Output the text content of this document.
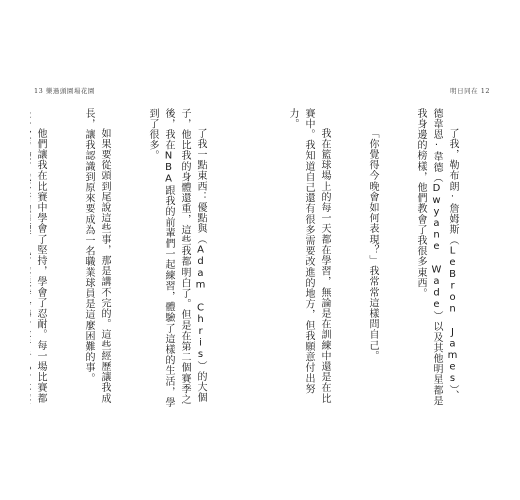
13 樂過頭園場花園	明日同在 12

了我一點東西：優點與（Adam Chris）的大個子，他比我的身體還重，這些我都明白了。但是在第二個賽季之後，我在NBA跟我的前輩們一起練習，體驗了這樣的生活，學到了很多。

如果要從頭到尾說這些事，那是講不完的。這些經歷讓我成長，讓我認識到原來要成為一名職業球員是這麼困難的事。

他們讓我在比賽中學會了堅持，學會了忍耐。每一場比賽都

	了我，勒布朗·詹姆斯（LeBron James）、德韋恩·韋德（Dwyane Wade）以及其他明星都是我身邊的榜樣，他們教會了我很多東西。

「你覺得今晚會如何表現？」我常常這樣問自己。

我在籃球場上的每一天都在學習，無論是在訓練中還是在比賽中。我知道自己還有很多需要改進的地方，但我願意付出努力。
